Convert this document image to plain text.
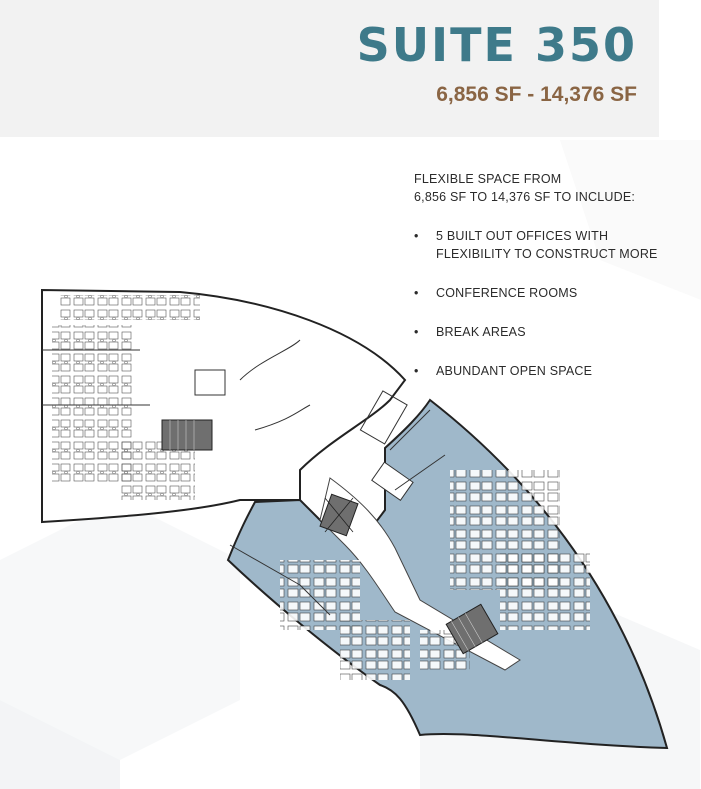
SUITE 350
6,856 SF - 14,376 SF

FLEXIBLE SPACE FROM
6,856 SF TO 14,376 SF TO INCLUDE:

• 5 BUILT OUT OFFICES WITH
FLEXIBILITY TO CONSTRUCT MORE
• CONFERENCE ROOMS
• BREAK AREAS
• ABUNDANT OPEN SPACE
